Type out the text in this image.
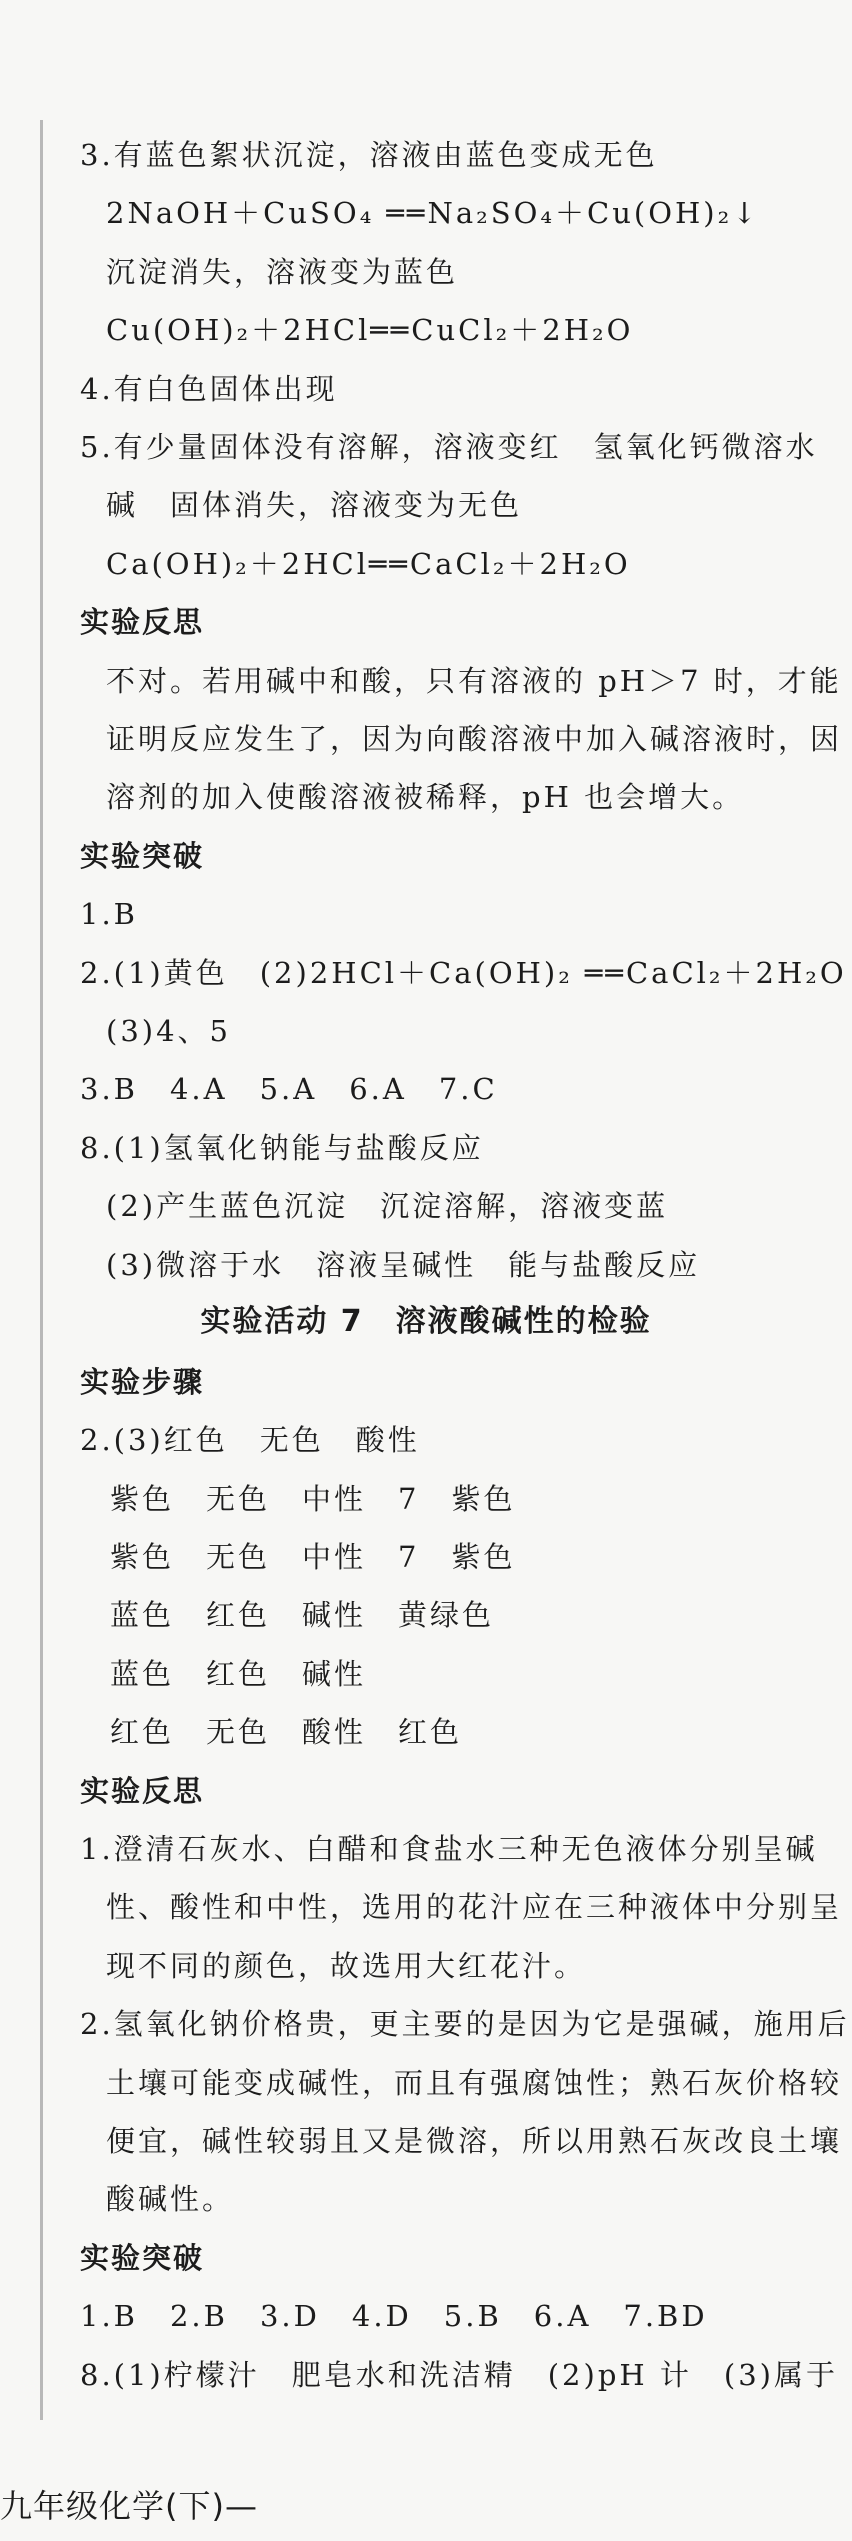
3.有蓝色絮状沉淀，溶液由蓝色变成无色

2NaOH＋CuSO₄ ══Na₂SO₄＋Cu(OH)₂↓

沉淀消失，溶液变为蓝色

Cu(OH)₂＋2HCl══CuCl₂＋2H₂O

4.有白色固体出现

5.有少量固体没有溶解，溶液变红　氢氧化钙微溶水

碱　固体消失，溶液变为无色

Ca(OH)₂＋2HCl══CaCl₂＋2H₂O

实验反思

不对。若用碱中和酸，只有溶液的 pH＞7 时，才能

证明反应发生了，因为向酸溶液中加入碱溶液时，因

溶剂的加入使酸溶液被稀释，pH 也会增大。

实验突破

1.B

2.(1)黄色　(2)2HCl＋Ca(OH)₂ ══CaCl₂＋2H₂O

(3)4、5

3.B　4.A　5.A　6.A　7.C

8.(1)氢氧化钠能与盐酸反应

(2)产生蓝色沉淀　沉淀溶解，溶液变蓝

(3)微溶于水　溶液呈碱性　能与盐酸反应

实验活动 7　溶液酸碱性的检验

实验步骤

2.(3)红色　无色　酸性

紫色　无色　中性　7　紫色

紫色　无色　中性　7　紫色

蓝色　红色　碱性　黄绿色

蓝色　红色　碱性

红色　无色　酸性　红色

实验反思

1.澄清石灰水、白醋和食盐水三种无色液体分别呈碱

性、酸性和中性，选用的花汁应在三种液体中分别呈

现不同的颜色，故选用大红花汁。

2.氢氧化钠价格贵，更主要的是因为它是强碱，施用后

土壤可能变成碱性，而且有强腐蚀性；熟石灰价格较

便宜，碱性较弱且又是微溶，所以用熟石灰改良土壤

酸碱性。

实验突破

1.B　2.B　3.D　4.D　5.B　6.A　7.BD

8.(1)柠檬汁　肥皂水和洗洁精　(2)pH 计　(3)属于

九年级化学(下)—
